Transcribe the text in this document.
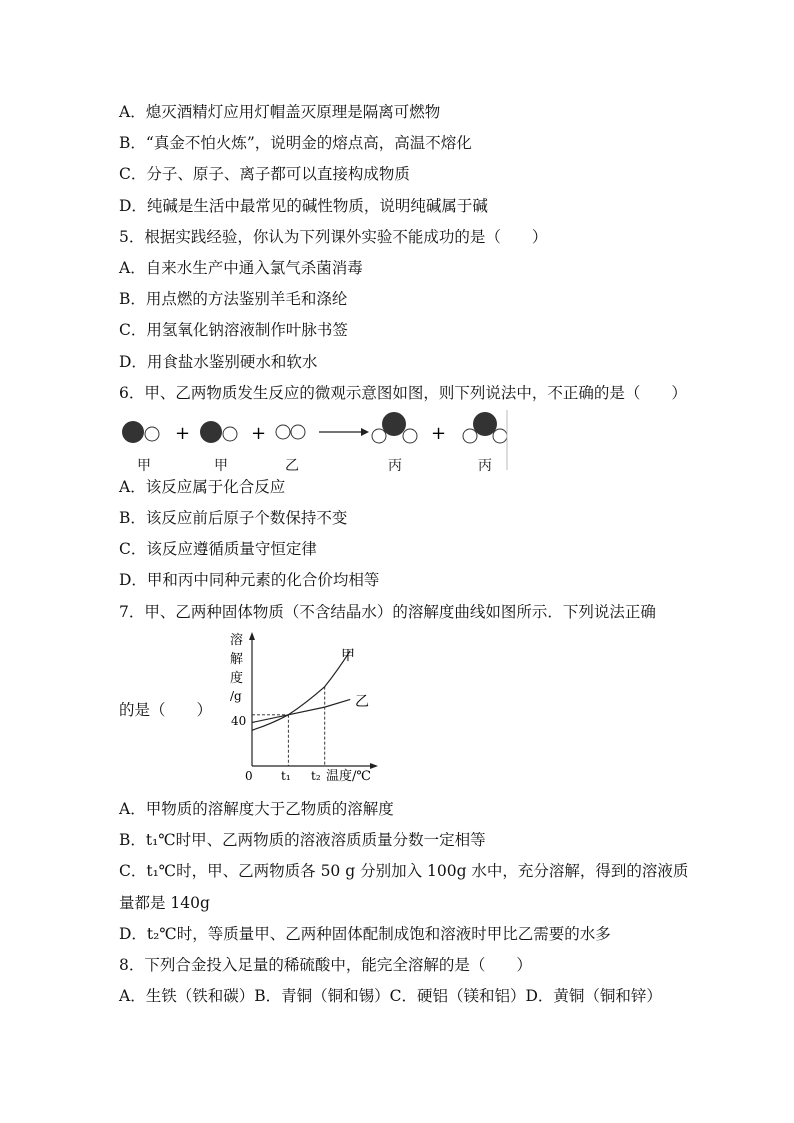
A．熄灭酒精灯应用灯帽盖灭原理是隔离可燃物
B．“真金不怕火炼”，说明金的熔点高，高温不熔化
C．分子、原子、离子都可以直接构成物质
D．纯碱是生活中最常见的碱性物质，说明纯碱属于碱
5．根据实践经验，你认为下列课外实验不能成功的是（　　）
A．自来水生产中通入氯气杀菌消毒
B．用点燃的方法鉴别羊毛和涤纶
C．用氢氧化钠溶液制作叶脉书签
D．用食盐水鉴别硬水和软水
6．甲、乙两物质发生反应的微观示意图如图，则下列说法中，不正确的是（　　）
+	+	+
甲	甲	乙	丙	丙
A．该反应属于化合反应
B．该反应前后原子个数保持不变
C．该反应遵循质量守恒定律
D．甲和丙中同种元素的化合价均相等
7．甲、乙两种固体物质（不含结晶水）的溶解度曲线如图所示．下列说法正确
的是（　　）
0 t₁ t₂ 温度/℃
40
溶
解
度
/g
甲
乙
A．甲物质的溶解度大于乙物质的溶解度
B．t₁℃时甲、乙两物质的溶液溶质质量分数一定相等
C．t₁℃时，甲、乙两物质各 50 g 分别加入 100g 水中，充分溶解，得到的溶液质
量都是 140g
D．t₂℃时，等质量甲、乙两种固体配制成饱和溶液时甲比乙需要的水多
8．下列合金投入足量的稀硫酸中，能完全溶解的是（　　）
A．生铁（铁和碳）B．青铜（铜和锡）C．硬铝（镁和铝）D．黄铜（铜和锌）
